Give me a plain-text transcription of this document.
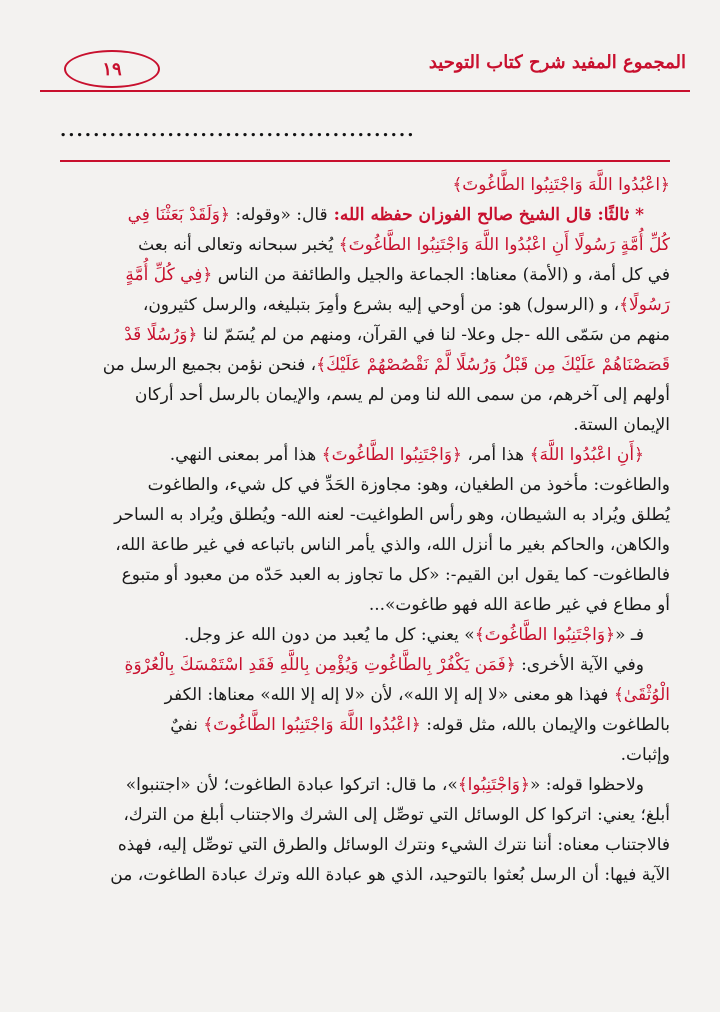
١٩	المجموع المفيد شرح كتاب التوحيد
...........................................
﴿اعْبُدُوا اللَّهَ وَاجْتَنِبُوا الطَّاغُوتَ﴾
* ثالثًا: قال الشيخ صالح الفوزان حفظه الله: قال: «وقوله: ﴿وَلَقَدْ بَعَثْنَا فِي
كُلِّ أُمَّةٍ رَسُولًا أَنِ اعْبُدُوا اللَّهَ وَاجْتَنِبُوا الطَّاغُوتَ﴾ يُخبر سبحانه وتعالى أنه بعث
في كل أمة، و (الأمة) معناها: الجماعة والجيل والطائفة من الناس ﴿فِي كُلِّ أُمَّةٍ
رَسُولًا﴾، و (الرسول) هو: من أوحي إليه بشرع وأمِرَ بتبليغه، والرسل كثيرون،
منهم من سَمّى الله -جل وعلا- لنا في القرآن، ومنهم من لم يُسَمّ لنا ﴿وَرُسُلًا قَدْ
قَصَصْنَاهُمْ عَلَيْكَ مِن قَبْلُ وَرُسُلًا لَّمْ نَقْصُصْهُمْ عَلَيْكَ﴾، فنحن نؤمن بجميع الرسل من
أولهم إلى آخرهم، من سمى الله لنا ومن لم يسم، والإيمان بالرسل أحد أركان
الإيمان الستة.
﴿أَنِ اعْبُدُوا اللَّهَ﴾ هذا أمر، ﴿وَاجْتَنِبُوا الطَّاغُوتَ﴾ هذا أمر بمعنى النهي.
والطاغوت: مأخوذ من الطغيان، وهو: مجاوزة الحَدِّ في كل شيء، والطاغوت
يُطلق ويُراد به الشيطان، وهو رأس الطواغيت- لعنه الله- ويُطلق ويُراد به الساحر
والكاهن، والحاكم بغير ما أنزل الله، والذي يأمر الناس باتباعه في غير طاعة الله،
فالطاغوت- كما يقول ابن القيم-: «كل ما تجاوز به العبد حَدّه من معبود أو متبوع
أو مطاع في غير طاعة الله فهو طاغوت»...
فـ «﴿وَاجْتَنِبُوا الطَّاغُوتَ﴾» يعني: كل ما يُعبد من دون الله عز وجل.
وفي الآية الأخرى: ﴿فَمَن يَكْفُرْ بِالطَّاغُوتِ وَيُؤْمِن بِاللَّهِ فَقَدِ اسْتَمْسَكَ بِالْعُرْوَةِ
الْوُثْقَىٰ﴾ فهذا هو معنى «لا إله إلا الله»، لأن «لا إله إلا الله» معناها: الكفر
بالطاغوت والإيمان بالله، مثل قوله: ﴿اعْبُدُوا اللَّهَ وَاجْتَنِبُوا الطَّاغُوتَ﴾ نفيٌ
وإثبات.
ولاحظوا قوله: «﴿وَاجْتَنِبُوا﴾»، ما قال: اتركوا عبادة الطاغوت؛ لأن «اجتنبوا»
أبلغ؛ يعني: اتركوا كل الوسائل التي توصِّل إلى الشرك والاجتناب أبلغ من الترك،
فالاجتناب معناه: أننا نترك الشيء ونترك الوسائل والطرق التي توصِّل إليه، فهذه
الآية فيها: أن الرسل بُعثوا بالتوحيد، الذي هو عبادة الله وترك عبادة الطاغوت، من
